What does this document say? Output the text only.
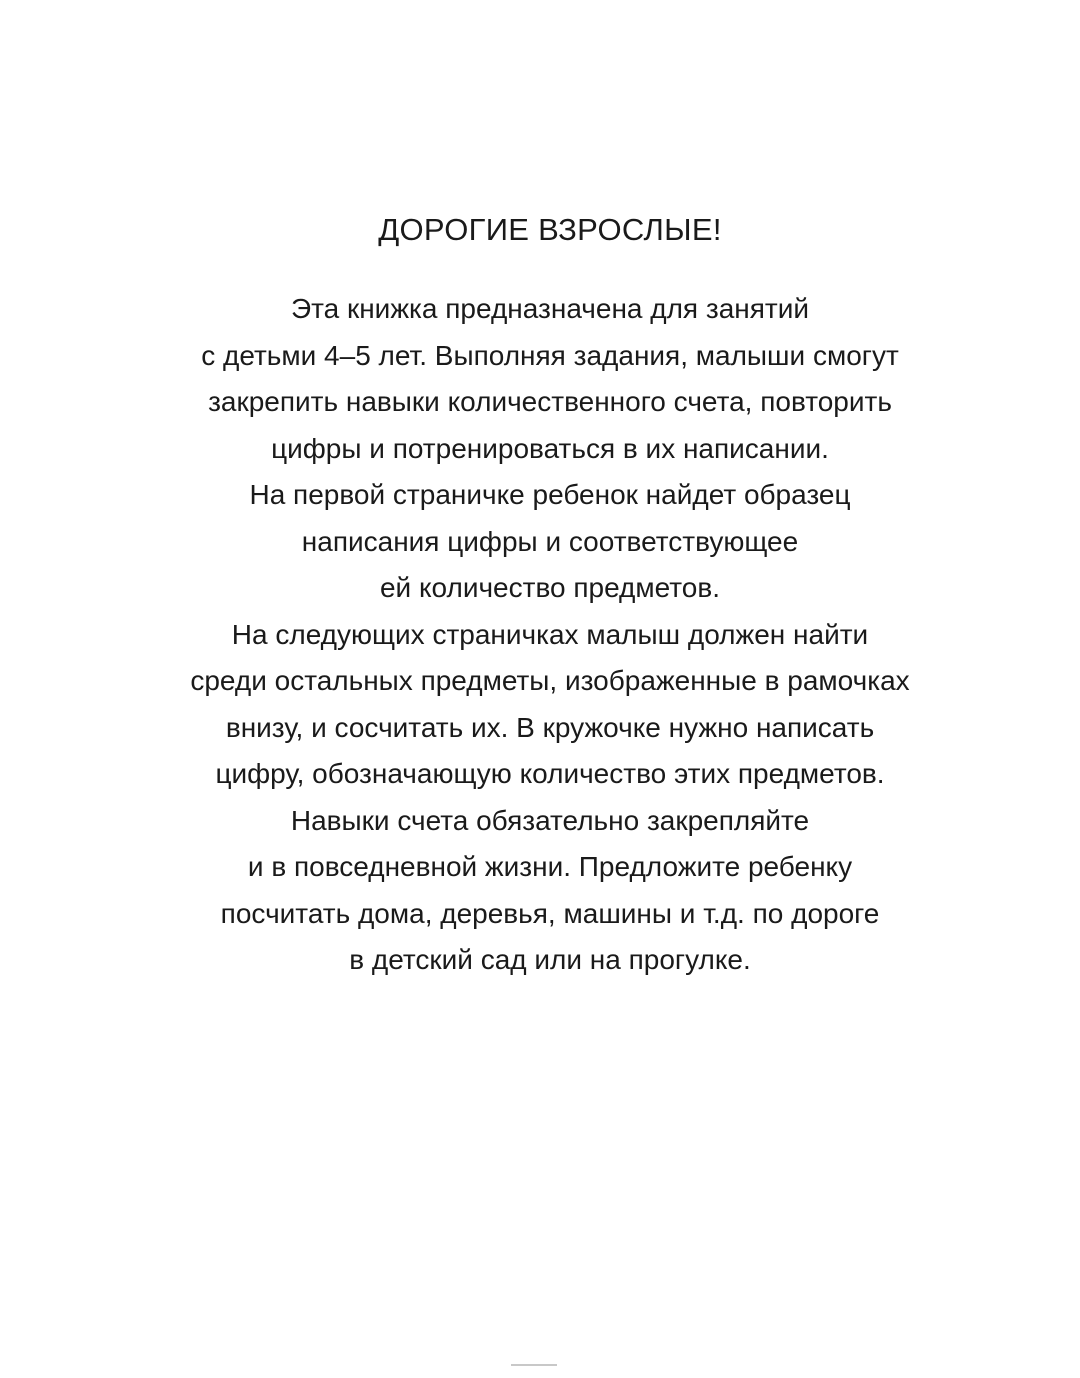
ДОРОГИЕ ВЗРОСЛЫЕ!
Эта книжка предназначена для занятий
с детьми 4–5 лет. Выполняя задания, малыши смогут
закрепить навыки количественного счета, повторить
цифры и потренироваться в их написании.
На первой страничке ребенок найдет образец
написания цифры и соответствующее
ей количество предметов.
На следующих страничках малыш должен найти
среди остальных предметы, изображенные в рамочках
внизу, и сосчитать их. В кружочке нужно написать
цифру, обозначающую количество этих предметов.
Навыки счета обязательно закрепляйте
и в повседневной жизни. Предложите ребенку
посчитать дома, деревья, машины и т.д. по дороге
в детский сад или на прогулке.
